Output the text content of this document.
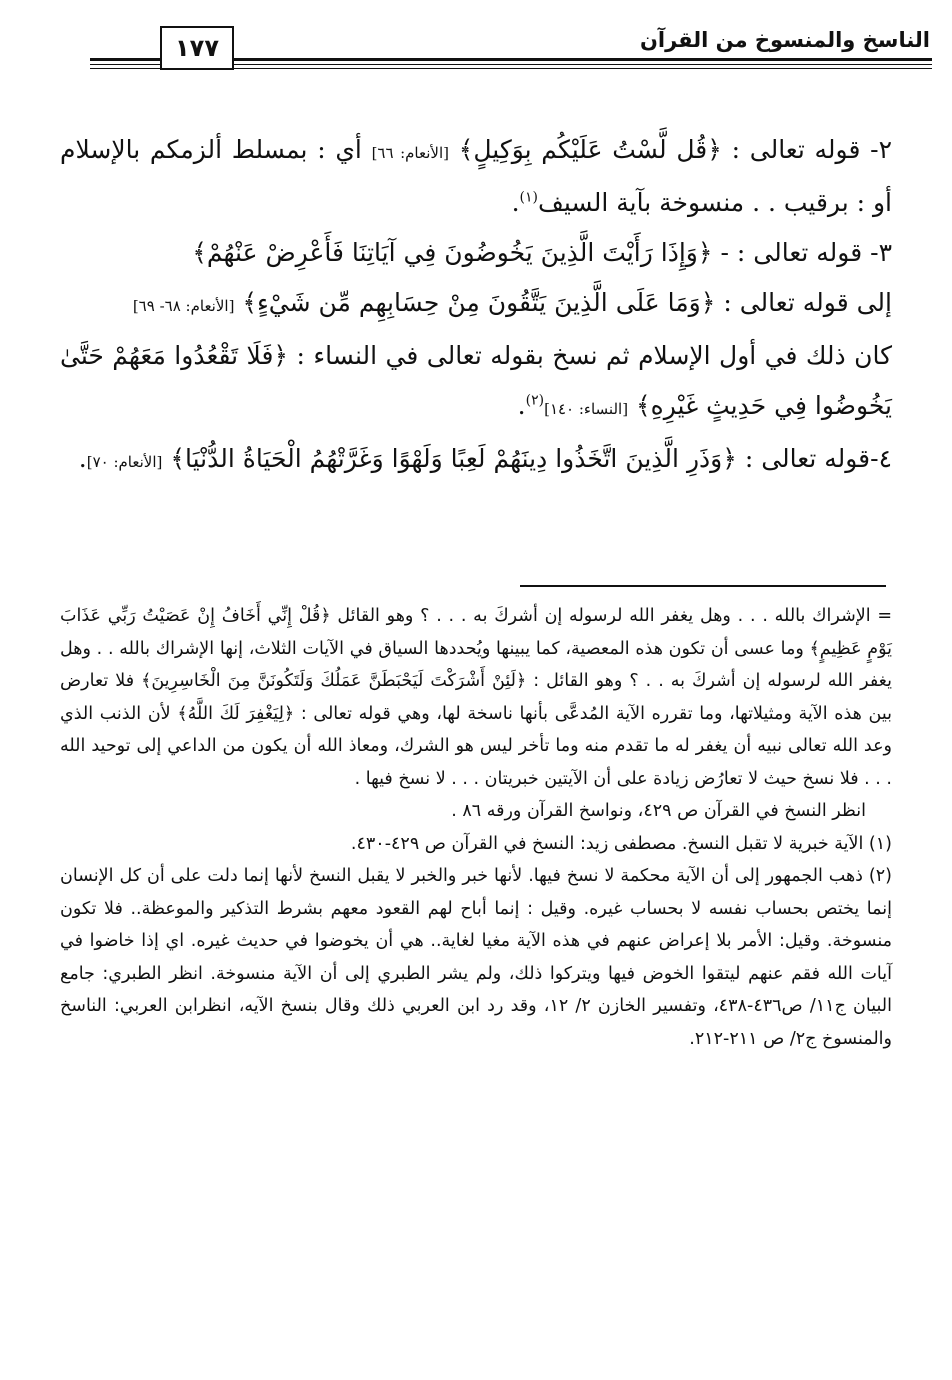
الناسخ والمنسوخ من القرآن
١٧٧

٢- قوله تعالى : ﴿قُل لَّسْتُ عَلَيْكُم بِوَكِيلٍ﴾ [الأنعام: ٦٦] أي : بمسلط ألزمكم بالإسلام أو : برقيب . . منسوخة بآية السيف$^{(١)}$.

٣- قوله تعالى : - ﴿وَإِذَا رَأَيْتَ الَّذِينَ يَخُوضُونَ فِي آيَاتِنَا فَأَعْرِضْ عَنْهُمْ﴾

إلى قوله تعالى : ﴿وَمَا عَلَى الَّذِينَ يَتَّقُونَ مِنْ حِسَابِهِم مِّن شَيْءٍ﴾ [الأنعام: ٦٨- ٦٩]

كان ذلك في أول الإسلام ثم نسخ بقوله تعالى في النساء : ﴿فَلَا تَقْعُدُوا مَعَهُمْ حَتَّىٰ يَخُوضُوا فِي حَدِيثٍ غَيْرِهِ﴾ [النساء: ١٤٠]$^{(٢)}$.

٤-قوله تعالى : ﴿وَذَرِ الَّذِينَ اتَّخَذُوا دِينَهُمْ لَعِبًا وَلَهْوًا وَغَرَّتْهُمُ الْحَيَاةُ الدُّنْيَا﴾ [الأنعام: ٧٠].

= الإشراك بالله . . . وهل يغفر الله لرسوله إن أشركَ به . . . ؟ وهو القائل ﴿قُلْ إِنِّي أَخَافُ إِنْ عَصَيْتُ رَبِّي عَذَابَ يَوْمٍ عَظِيمٍ﴾ وما عسى أن تكون هذه المعصية، كما يبينها ويُحددها السياق في الآيات الثلاث، إنها الإشراك بالله . . وهل يغفر الله لرسوله إن أشركَ به . . ؟ وهو القائل : ﴿لَئِنْ أَشْرَكْتَ لَيَحْبَطَنَّ عَمَلُكَ وَلَتَكُونَنَّ مِنَ الْخَاسِرِينَ﴾ فلا تعارض بين هذه الآية ومثيلاتها، وما تقرره الآية المُدعَّى بأنها ناسخة لها، وهي قوله تعالى : ﴿لِيَغْفِرَ لَكَ اللَّهُ﴾ لأن الذنب الذي وعد الله تعالى نبيه أن يغفر له ما تقدم منه وما تأخر ليس هو الشرك، ومعاذ الله أن يكون من الداعي إلى توحيد الله . . . فلا نسخ حيث لا تعارُض زيادة على أن الآيتين خبريتان . . . لا نسخ فيها .

انظر النسخ في القرآن ص ٤٢٩، ونواسخ القرآن ورقه ٨٦ .

(١) الآية خبرية لا تقبل النسخ. مصطفى زيد: النسخ في القرآن ص ٤٢٩-٤٣٠.

(٢) ذهب الجمهور إلى أن الآية محكمة لا نسخ فيها. لأنها خبر والخبر لا يقبل النسخ لأنها إنما دلت على أن كل الإنسان إنما يختص بحساب نفسه لا بحساب غيره. وقيل : إنما أباح لهم القعود معهم بشرط التذكير والموعظة.. فلا تكون منسوخة. وقيل: الأمر بلا إعراض عنهم في هذه الآية مغيا لغاية.. هي أن يخوضوا في حديث غيره. اي إذا خاضوا في آيات الله فقم عنهم ليتقوا الخوض فيها ويتركوا ذلك، ولم يشر الطبري إلى أن الآية منسوخة. انظر الطبري: جامع البيان ج١١/ ص٤٣٦-٤٣٨، وتفسير الخازن ٢/ ١٢، وقد رد ابن العربي ذلك وقال بنسخ الآيه، انظرابن العربي: الناسخ والمنسوخ ج٢/ ص ٢١١-٢١٢.
